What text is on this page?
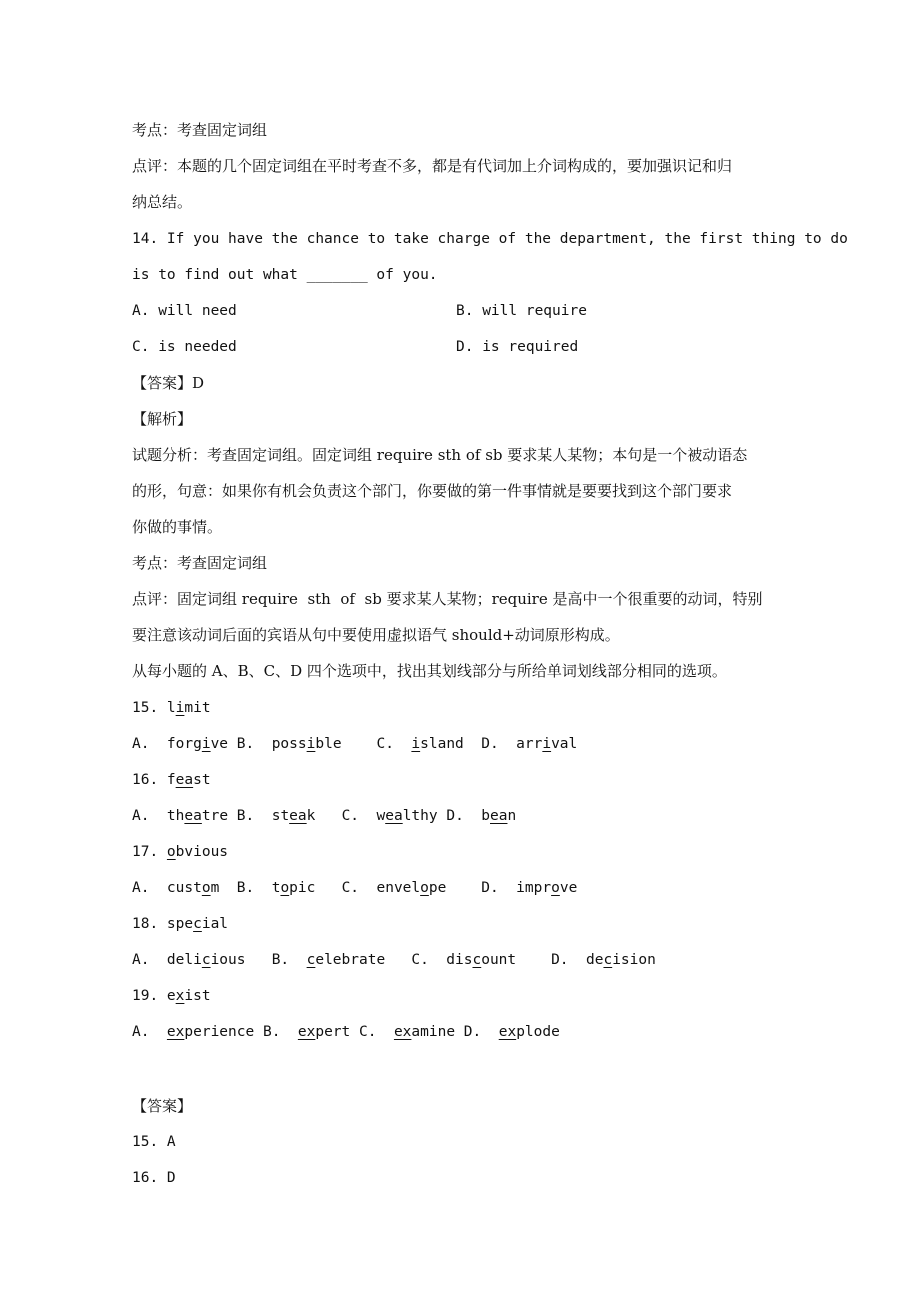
考点：考查固定词组
点评：本题的几个固定词组在平时考查不多，都是有代词加上介词构成的，要加强识记和归
纳总结。
14. If you have the chance to take charge of the department, the first thing to do
is to find out what _______ of you.
A. will need	B. will require
C. is needed	D. is required
【答案】D
【解析】
试题分析：考查固定词组。固定词组 require sth of sb 要求某人某物；本句是一个被动语态
的形，句意：如果你有机会负责这个部门，你要做的第一件事情就是要要找到这个部门要求
你做的事情。
考点：考查固定词组
点评：固定词组 require  sth  of  sb 要求某人某物；require 是高中一个很重要的动词，特别
要注意该动词后面的宾语从句中要使用虚拟语气 should+动词原形构成。
从每小题的 A、B、C、D 四个选项中，找出其划线部分与所给单词划线部分相同的选项。
15. limit
A.  forgive B.  possible    C.  island  D.  arrival
16. feast
A.  theatre B.  steak   C.  wealthy D.  bean
17. obvious
A.  custom  B.  topic   C.  envelope    D.  improve
18. special
A.  delicious   B.  celebrate   C.  discount    D.  decision
19. exist
A.  experience B.  expert C.  examine D.  explode
【答案】
15. A
16. D
